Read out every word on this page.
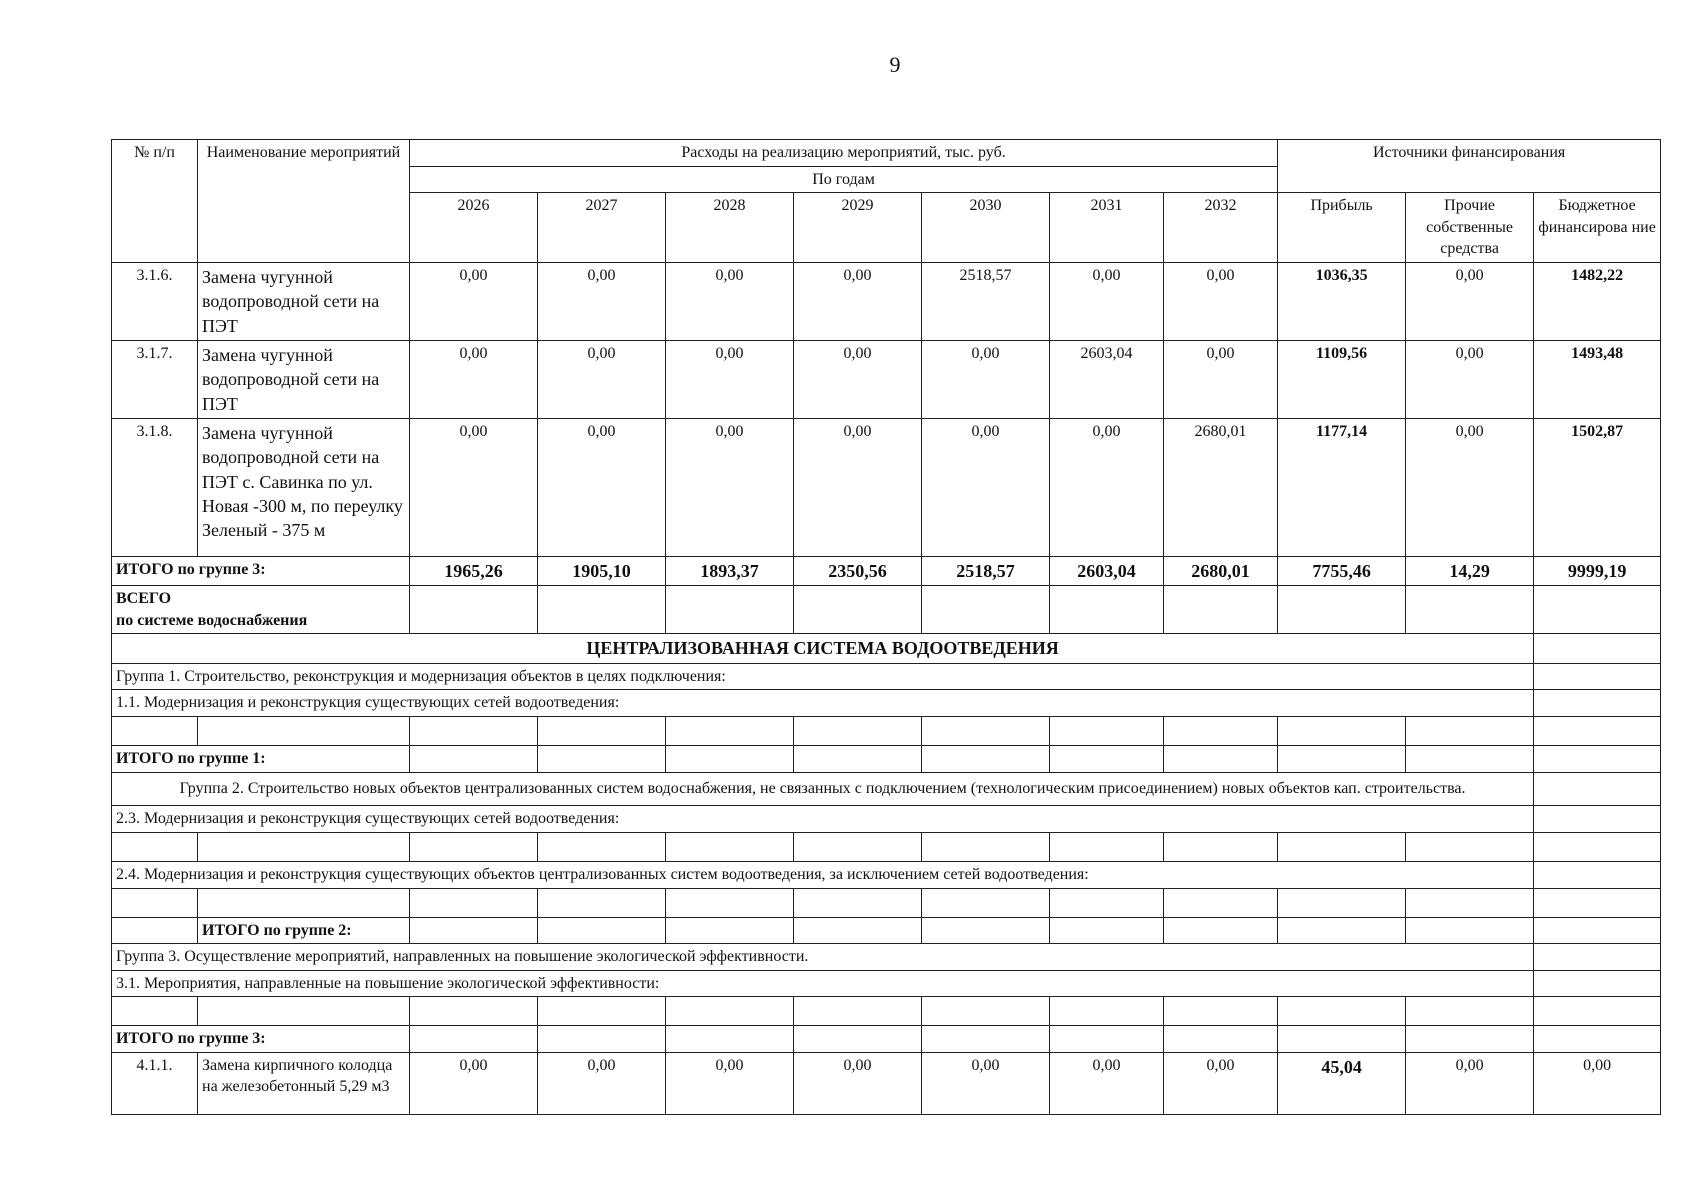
9
№ п/п	Наименование мероприятий	Расходы на реализацию мероприятий, тыс. руб.							Источники финансирования		
		По годам									
		2026	2027	2028	2029	2030	2031	2032	Прибыль	Прочие собственные средства	Бюджетное финансирова ние
3.1.6.	Замена чугунной водопроводной сети на ПЭТ	0,00	0,00	0,00	0,00	2518,57	0,00	0,00	1036,35	0,00	1482,22
3.1.7.	Замена чугунной водопроводной сети на ПЭТ	0,00	0,00	0,00	0,00	0,00	2603,04	0,00	1109,56	0,00	1493,48
3.1.8.	Замена чугунной водопроводной сети на ПЭТ с. Савинка по ул. Новая -300 м, по переулку Зеленый - 375 м	0,00	0,00	0,00	0,00	0,00	0,00	2680,01	1177,14	0,00	1502,87
ИТОГО по группе 3:		1965,26	1905,10	1893,37	2350,56	2518,57	2603,04	2680,01	7755,46	14,29	9999,19

ВСЕГО
по системе водоснабжения											

ЦЕНТРАЛИЗОВАННАЯ СИСТЕМА ВОДООТВЕДЕНИЯ											
Группа 1. Строительство, реконструкция и модернизация объектов в целях подключения:											
1.1. Модернизация и реконструкция существующих сетей водоотведения:											

ИТОГО по группе 1:											
Группа 2. Строительство новых объектов централизованных систем водоснабжения, не связанных с подключением (технологическим присоединением) новых объектов кап. строительства.											
2.3. Модернизация и реконструкция существующих сетей водоотведения:											

2.4. Модернизация и реконструкция существующих объектов централизованных систем водоотведения, за исключением сетей водоотведения:											

	ИТОГО по группе 2:										
Группа 3. Осуществление мероприятий, направленных на повышение экологической эффективности.											
3.1. Мероприятия, направленные на повышение экологической эффективности:											

ИТОГО по группе 3:											
4.1.1.	Замена кирпичного колодца на железобетонный 5,29 м3	0,00	0,00	0,00	0,00	0,00	0,00	0,00	45,04	0,00	0,00
